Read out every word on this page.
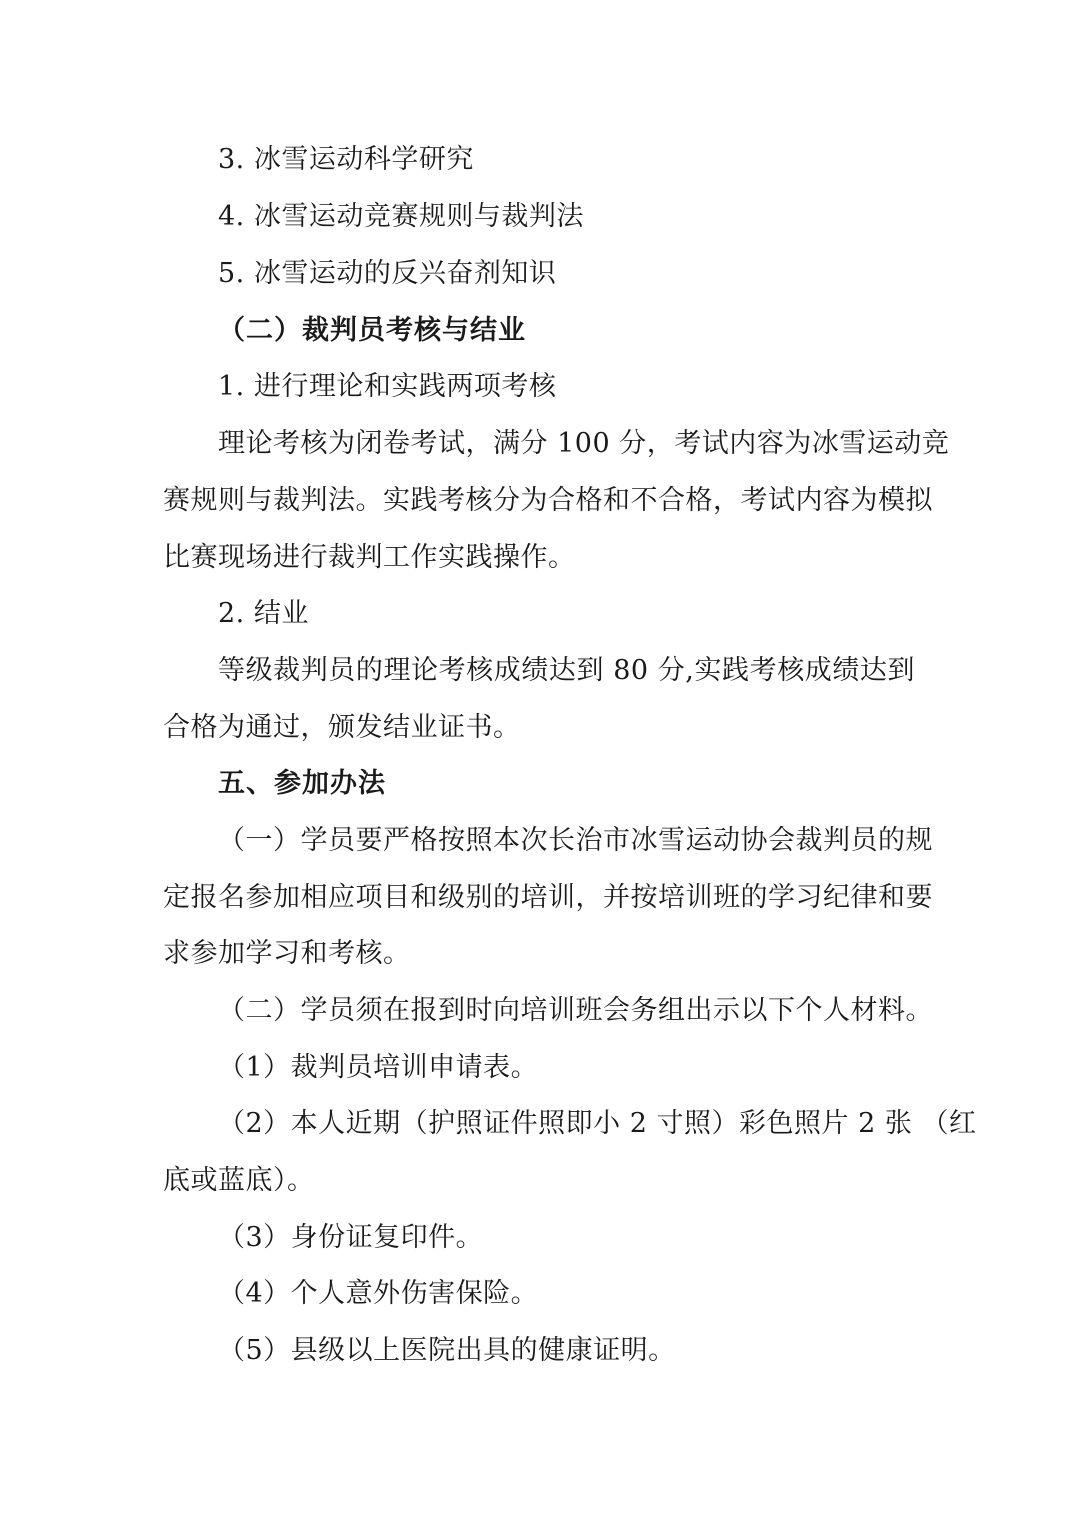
3. 冰雪运动科学研究
4. 冰雪运动竞赛规则与裁判法
5. 冰雪运动的反兴奋剂知识
（二）裁判员考核与结业
1. 进行理论和实践两项考核
理论考核为闭卷考试，满分 100 分，考试内容为冰雪运动竞
赛规则与裁判法。实践考核分为合格和不合格，考试内容为模拟
比赛现场进行裁判工作实践操作。
2. 结业
等级裁判员的理论考核成绩达到 80 分,实践考核成绩达到
合格为通过，颁发结业证书。
五、参加办法
（一）学员要严格按照本次长治市冰雪运动协会裁判员的规
定报名参加相应项目和级别的培训，并按培训班的学习纪律和要
求参加学习和考核。
（二）学员须在报到时向培训班会务组出示以下个人材料。
（1）裁判员培训申请表。
（2）本人近期（护照证件照即小 2 寸照）彩色照片 2 张 （红
底或蓝底）。
（3）身份证复印件。
（4）个人意外伤害保险。
（5）县级以上医院出具的健康证明。
